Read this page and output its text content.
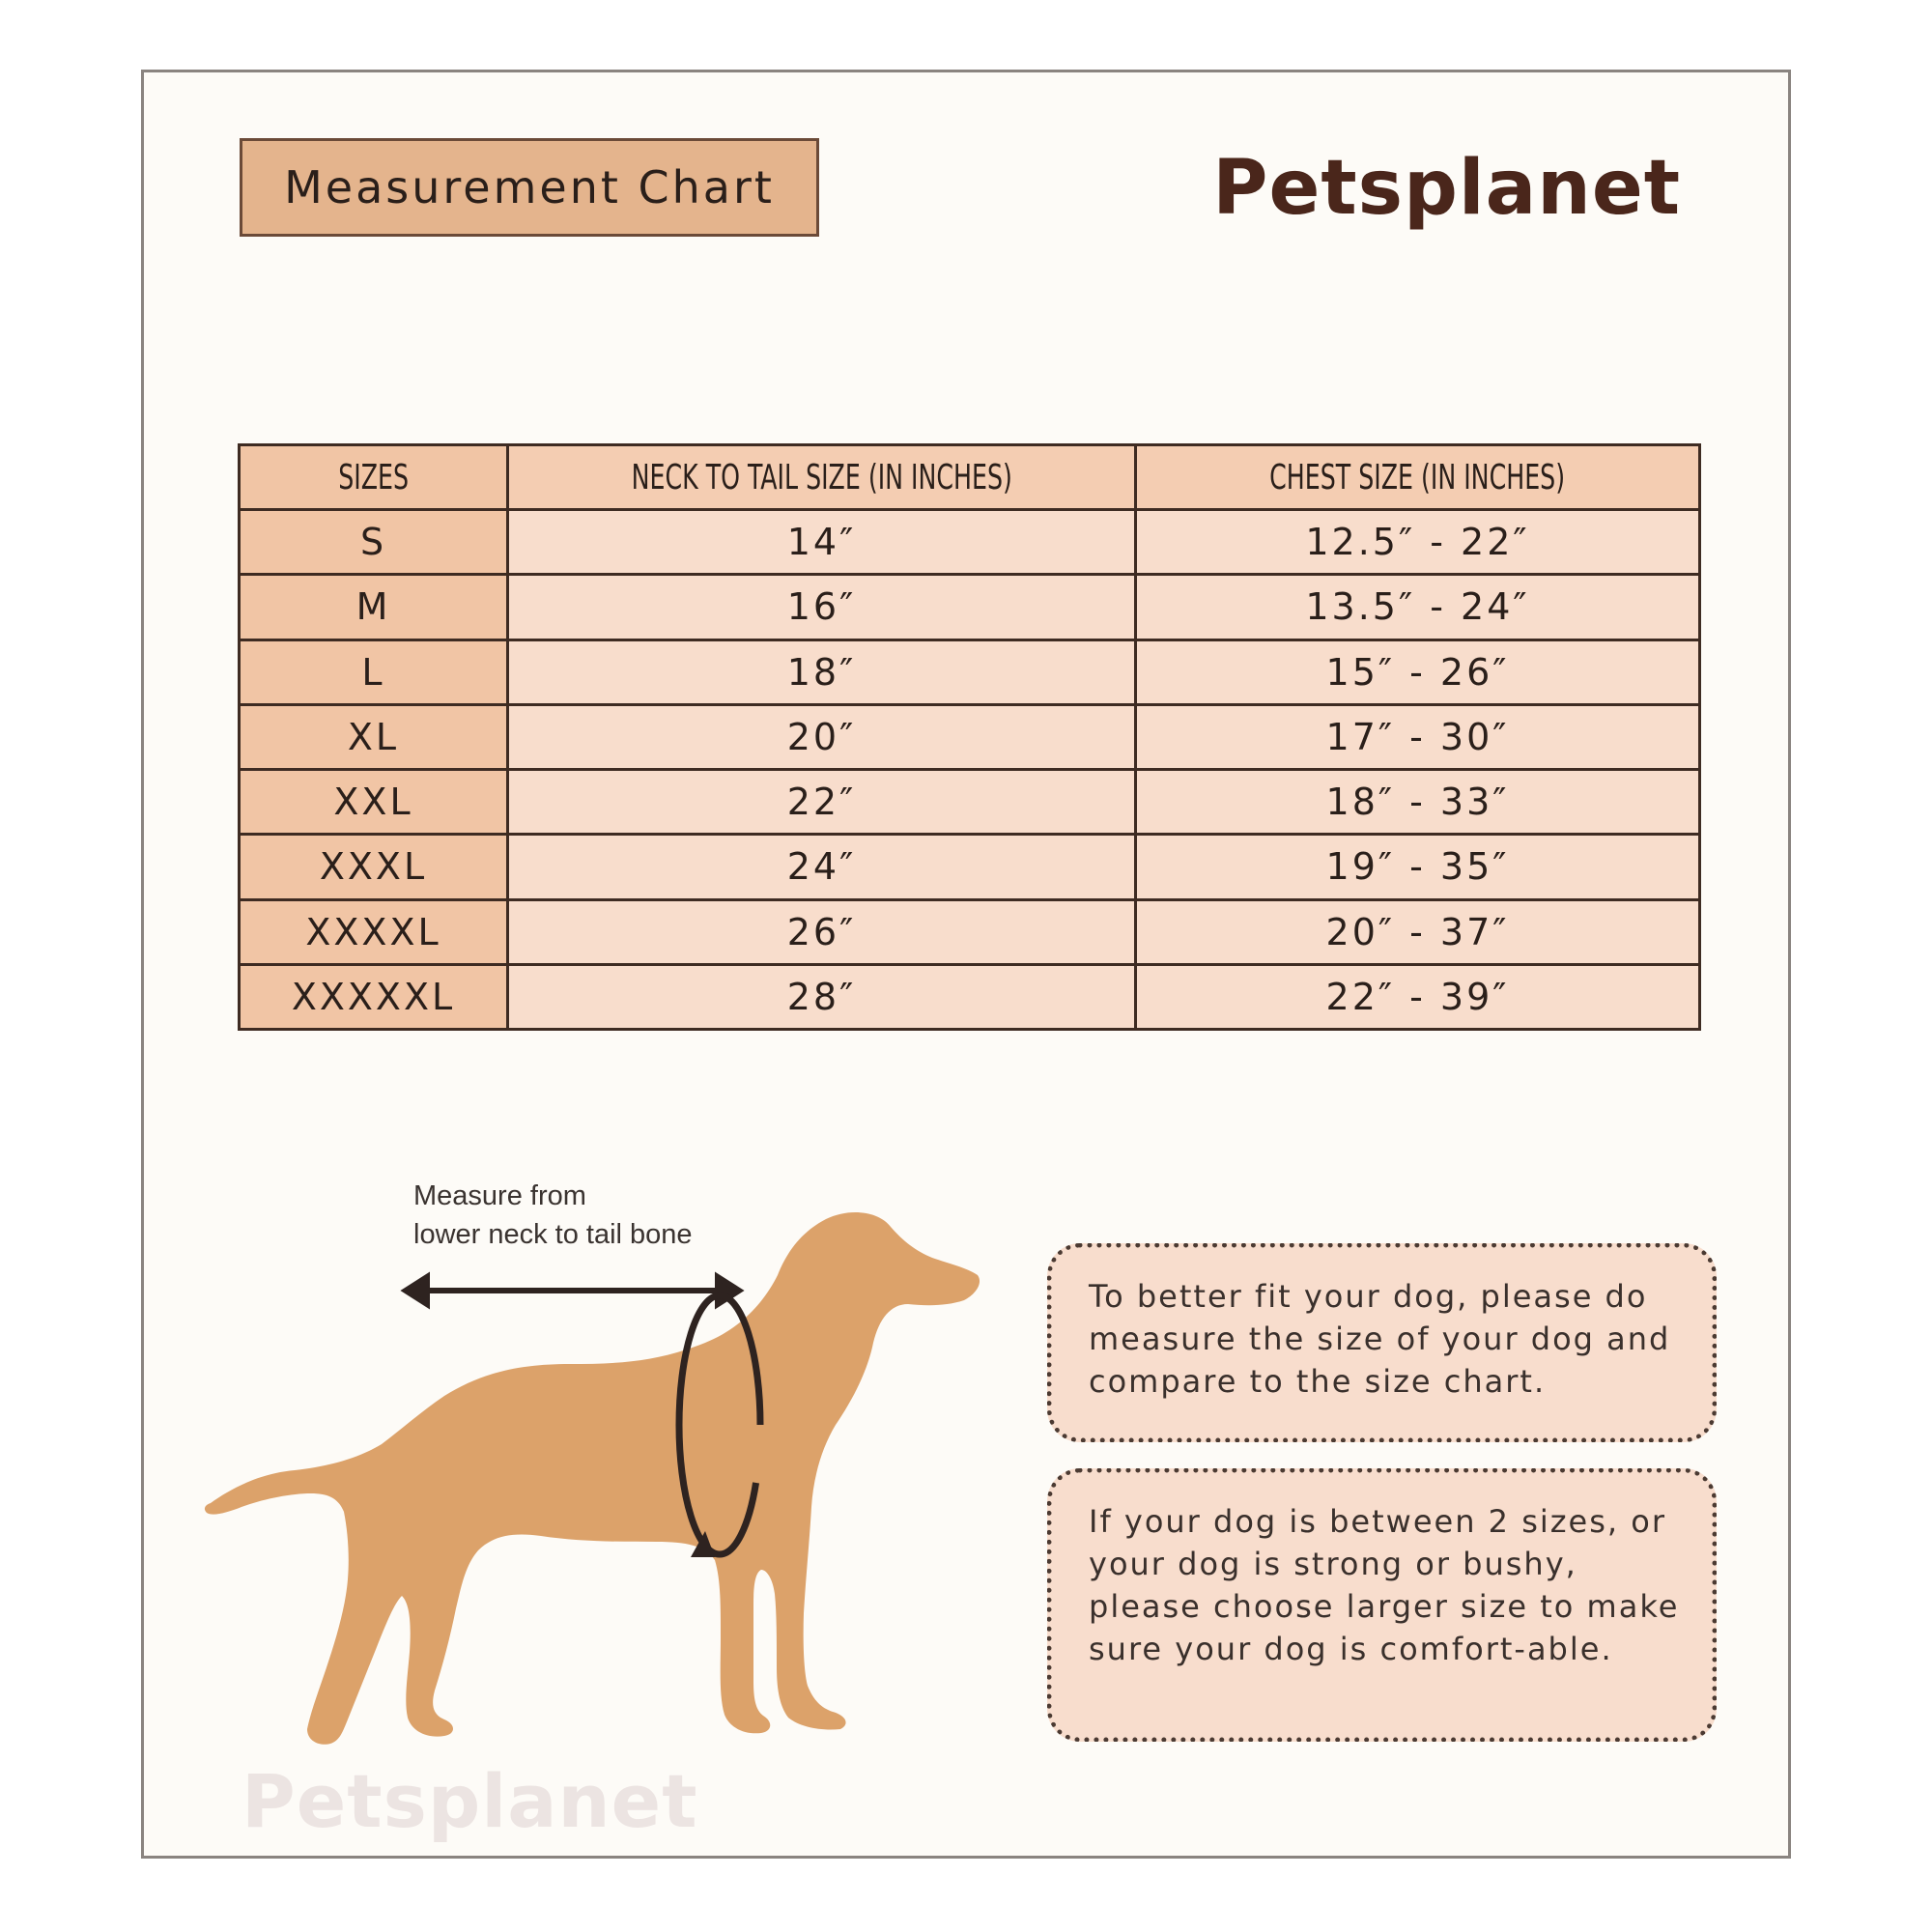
Measurement Chart	Petsplanet
SIZES	NECK TO TAIL SIZE (IN INCHES)	CHEST SIZE (IN INCHES)
S	14″	12.5″ - 22″
M	16″	13.5″ - 24″
L	18″	15″ - 26″
XL	20″	17″ - 30″
XXL	22″	18″ - 33″
XXXL	24″	19″ - 35″
XXXXL	26″	20″ - 37″
XXXXXL	28″	22″ - 39″
Measure from
lower neck to tail bone
To better fit your dog, please do measure the size of your dog and compare to the size chart.
If your dog is between 2 sizes, or your dog is strong or bushy, please choose larger size to make sure your dog is comfort-able.
Petsplanet
